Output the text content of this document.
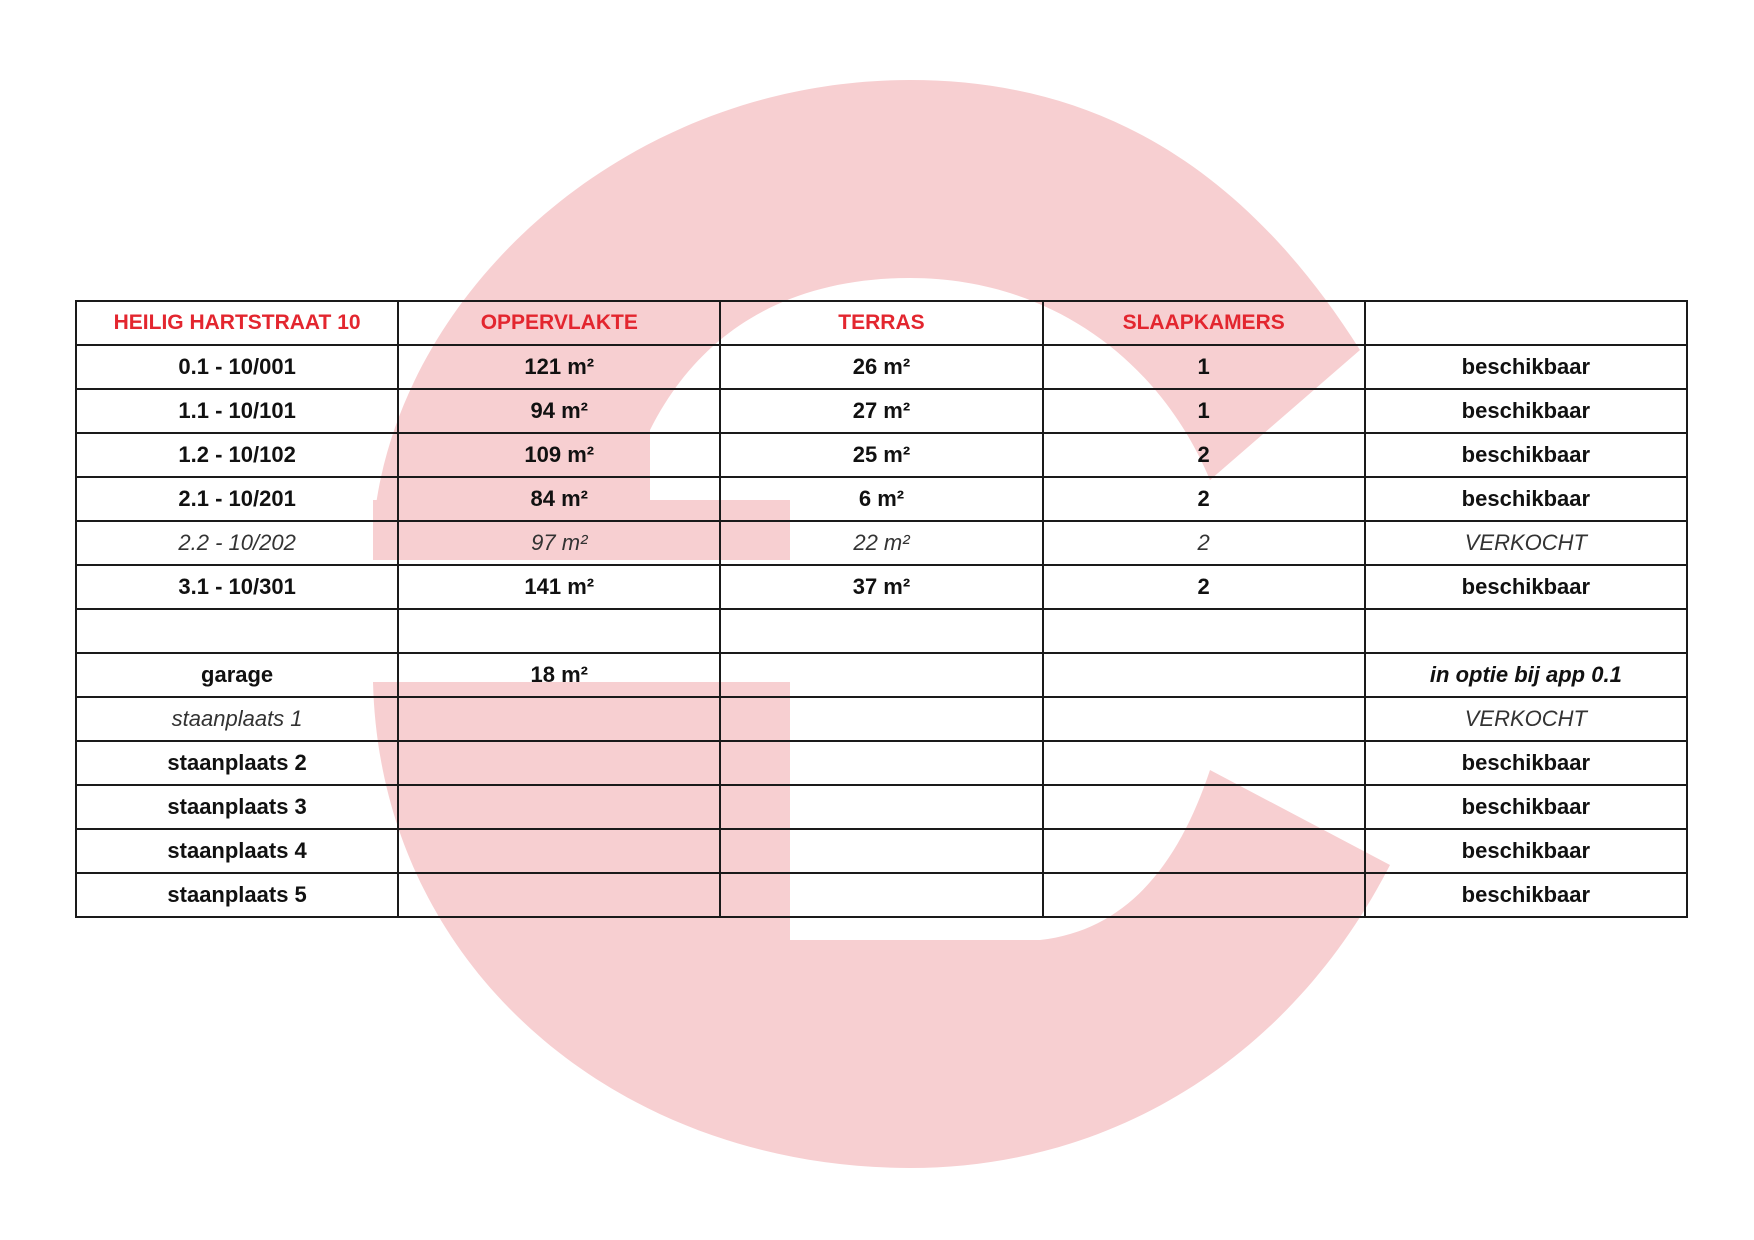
HEILIG HARTSTRAAT 10	OPPERVLAKTE	TERRAS	SLAAPKAMERS	
0.1 - 10/001	121 m²	26 m²	1	beschikbaar
1.1 - 10/101	94 m²	27 m²	1	beschikbaar
1.2 - 10/102	109 m²	25 m²	2	beschikbaar
2.1 - 10/201	84 m²	6 m²	2	beschikbaar
2.2 - 10/202	97 m²	22 m²	2	VERKOCHT
3.1 - 10/301	141 m²	37 m²	2	beschikbaar

garage	18 m²			in optie bij app 0.1
staanplaats 1				VERKOCHT
staanplaats 2				beschikbaar
staanplaats 3				beschikbaar
staanplaats 4				beschikbaar
staanplaats 5				beschikbaar
